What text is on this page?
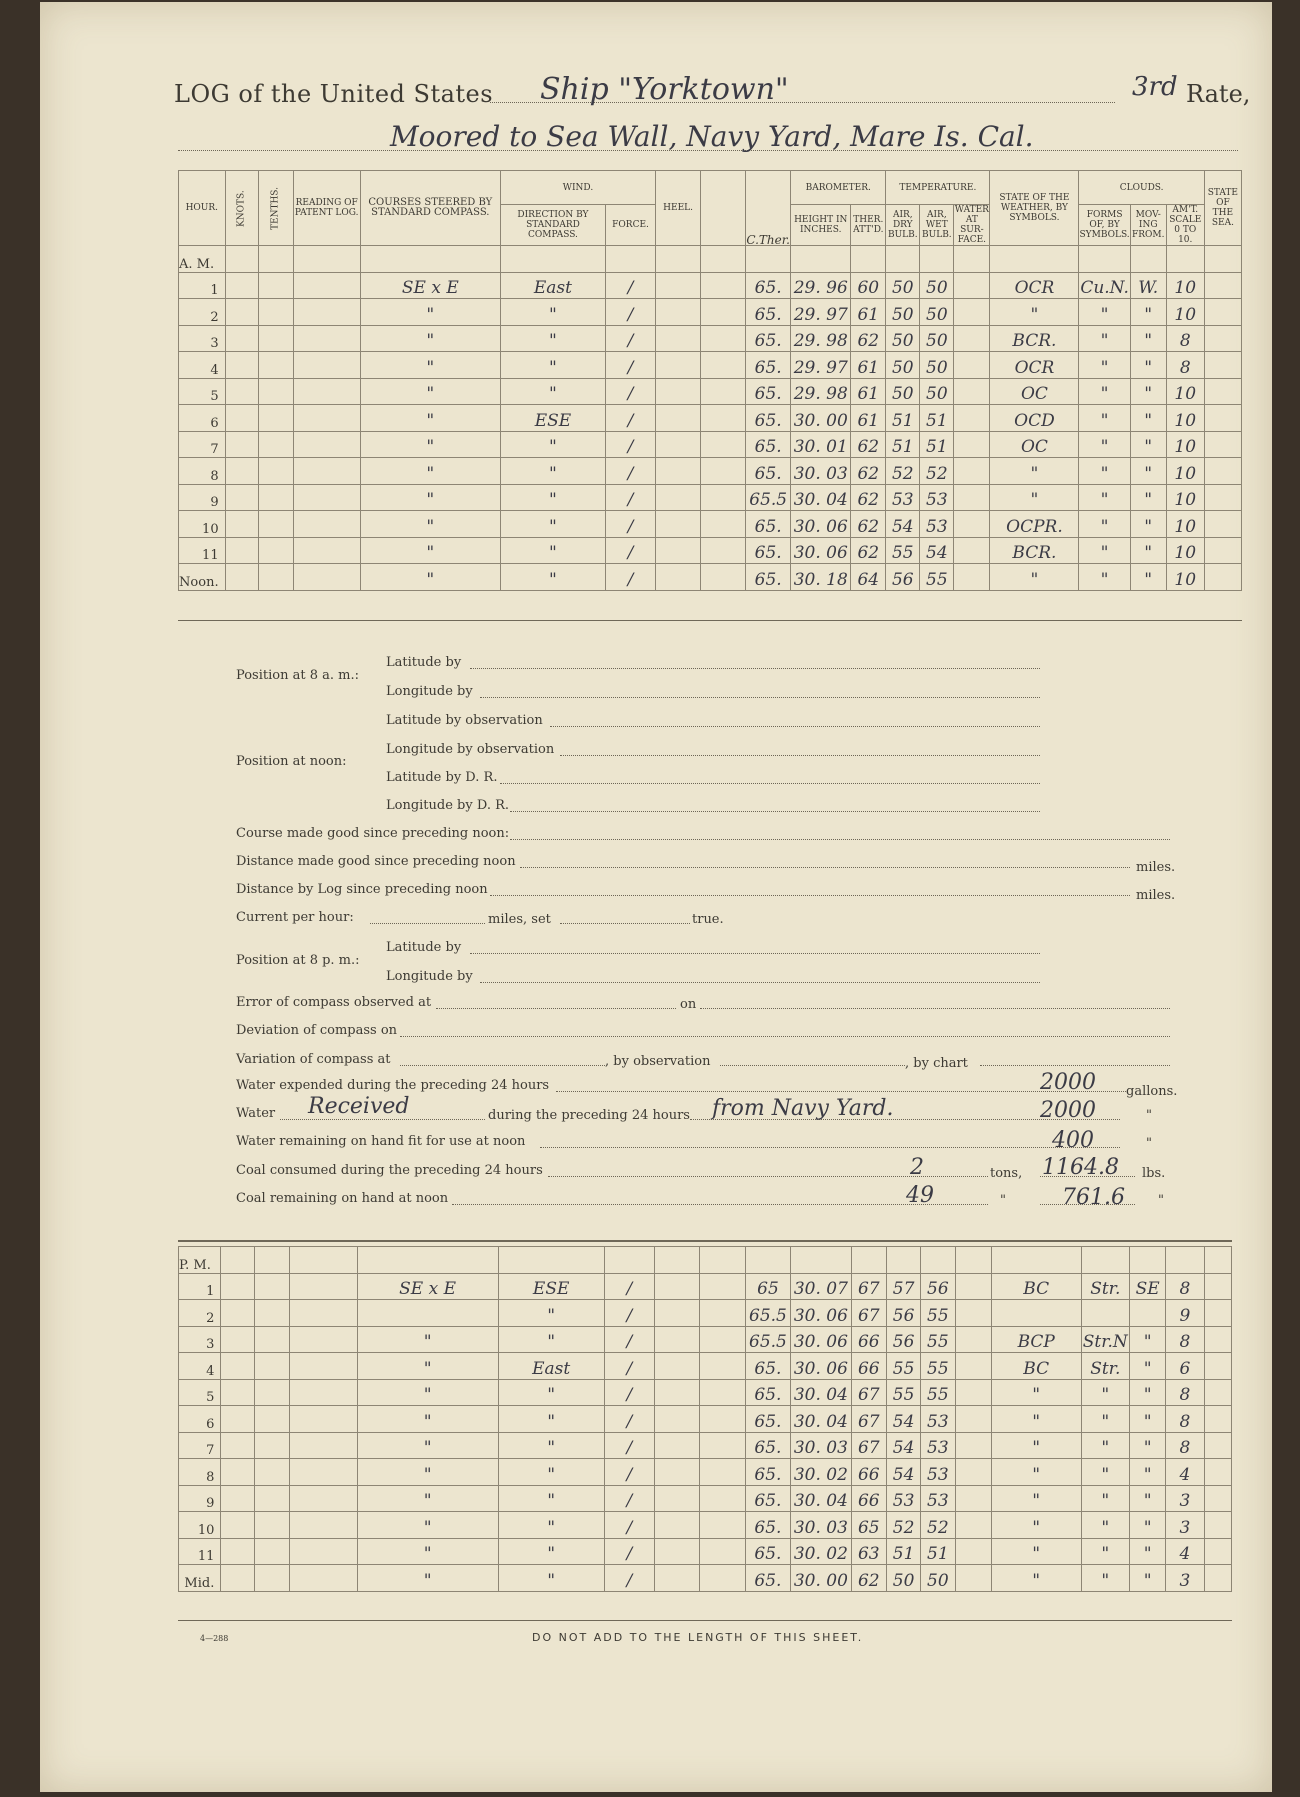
LOG of the United States Ship "Yorktown"	3rd Rate,
Moored to Sea Wall, Navy Yard, Mare Is. Cal.
HOUR.	KNOTS.	TENTHS.	READING OF PATENT LOG.	COURSES STEERED BY STANDARD COMPASS.	WIND.		HEEL.		C.Ther.	BAROMETER.		TEMPERATURE.			STATE OF THE WEATHER, BY SYMBOLS.	CLOUDS.			STATE OF THE SEA.
					DIRECTION BY STANDARD COMPASS.	FORCE.				HEIGHT IN INCHES.	THER. ATT'D.	AIR, DRY BULB.	AIR, WET BULB.	WATER AT SUR-FACE.		FORMS OF, BY SYMBOLS.	MOV-ING FROM.	AM'T. SCALE 0 TO 10.	
A. M.																			
1				SE x E	East	/			65.	29. 96	60	50	50		OCR	Cu.N.	W.	10	
2				"	"	/			65.	29. 97	61	50	50		"	"	"	10	
3				"	"	/			65.	29. 98	62	50	50		BCR.	"	"	8	
4				"	"	/			65.	29. 97	61	50	50		OCR	"	"	8	
5				"	"	/			65.	29. 98	61	50	50		OC	"	"	10	
6				"	ESE	/			65.	30. 00	61	51	51		OCD	"	"	10	
7				"	"	/			65.	30. 01	62	51	51		OC	"	"	10	
8				"	"	/			65.	30. 03	62	52	52		"	"	"	10	
9				"	"	/			65.5	30. 04	62	53	53		"	"	"	10	
10				"	"	/			65.	30. 06	62	54	53		OCPR.	"	"	10	
11				"	"	/			65.	30. 06	62	55	54		BCR.	"	"	10	
Noon.				"	"	/			65.	30. 18	64	56	55		"	"	"	10	
Position at 8 a. m.:
Latitude by
Longitude by
Position at noon:
Latitude by observation
Longitude by observation
Latitude by D. R.
Longitude by D. R.
Course made good since preceding noon:
Distance made good since preceding noon	miles.
Distance by Log since preceding noon	miles.
Current per hour:	miles, set	true.
Position at 8 p. m.:
Latitude by
Longitude by
Error of compass observed at	on
Deviation of compass on
Variation of compass at	, by observation	, by chart
Water expended during the preceding 24 hours	2000 gallons.
Water Received	during the preceding 24 hours from Navy Yard.	2000	"
Water remaining on hand fit for use at noon	400	"
Coal consumed during the preceding 24 hours	2	tons, 1164.8 lbs.
Coal remaining on hand at noon	49	"	761.6	"
P. M.																			
1				SE x E	ESE	/			65	30. 07	67	57	56		BC	Str.	SE	8	
2					"	/			65.5	30. 06	67	56	55					9	
3				"	"	/			65.5	30. 06	66	56	55		BCP	Str.N	"	8	
4				"	East	/			65.	30. 06	66	55	55		BC	Str.	"	6	
5				"	"	/			65.	30. 04	67	55	55		"	"	"	8	
6				"	"	/			65.	30. 04	67	54	53		"	"	"	8	
7				"	"	/			65.	30. 03	67	54	53		"	"	"	8	
8				"	"	/			65.	30. 02	66	54	53		"	"	"	4	
9				"	"	/			65.	30. 04	66	53	53		"	"	"	3	
10				"	"	/			65.	30. 03	65	52	52		"	"	"	3	
11				"	"	/			65.	30. 02	63	51	51		"	"	"	4	
Mid.				"	"	/			65.	30. 00	62	50	50		"	"	"	3	
4—288	DO NOT ADD TO THE LENGTH OF THIS SHEET.
